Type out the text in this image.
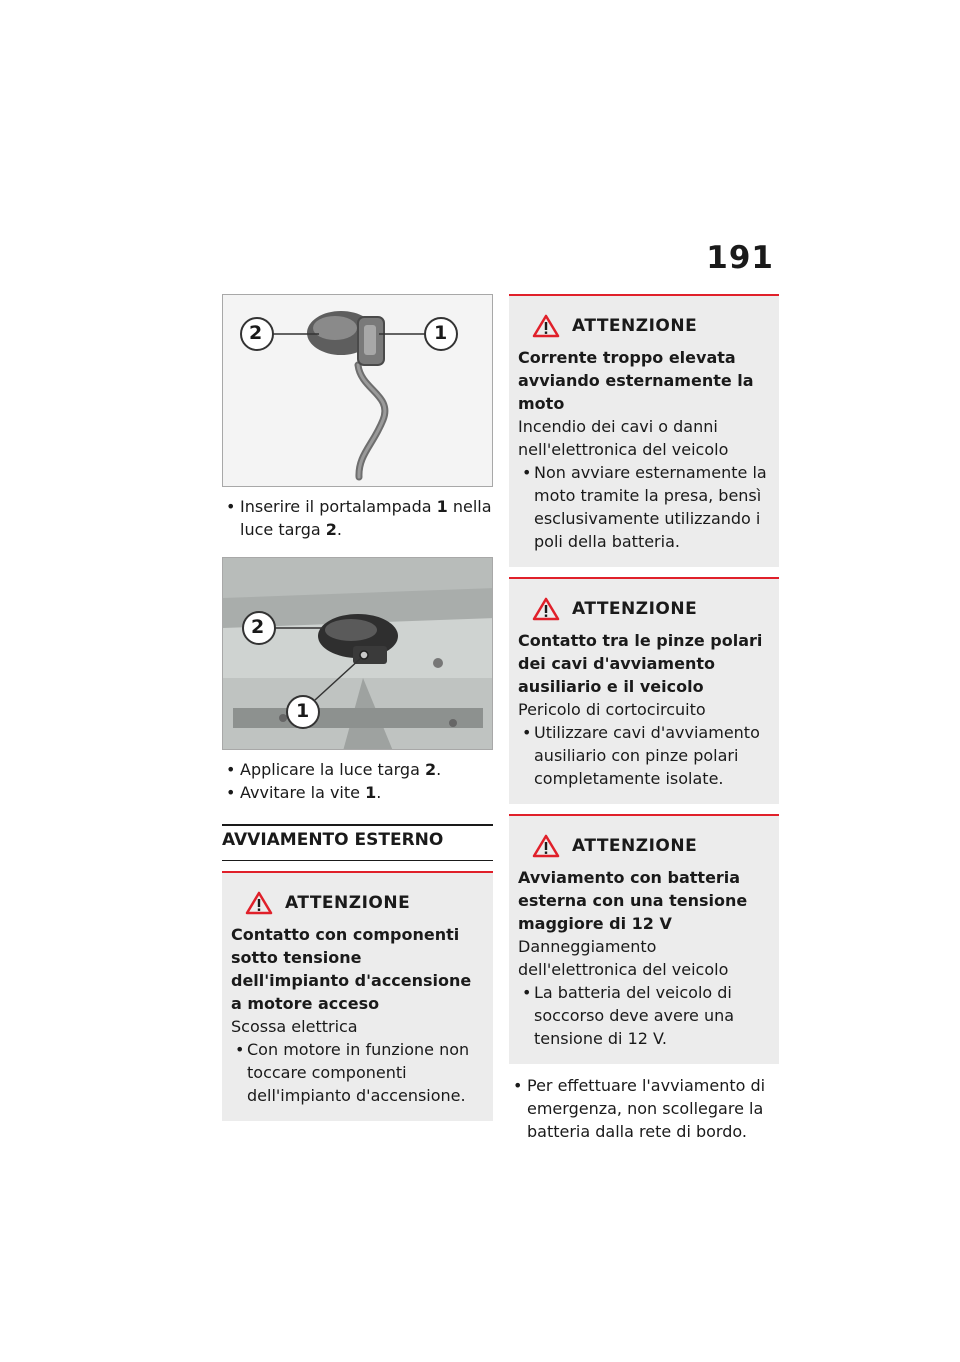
191
2	1
• Inserire il portalampada 1 nella luce targa 2.
2
1
• Applicare la luce targa 2.
• Avvitare la vite 1.
AVVIAMENTO ESTERNO
ATTENZIONE
Contatto con componenti sotto tensione dell'impianto d'accensione a motore acceso
Scossa elettrica
• Con motore in funzione non toccare componenti dell'impianto d'accensione.
ATTENZIONE
Corrente troppo elevata avviando esternamente la moto
Incendio dei cavi o danni nell'elettronica del veicolo
• Non avviare esternamente la moto tramite la presa, bensì esclusivamente utilizzando i poli della batteria.
ATTENZIONE
Contatto tra le pinze polari dei cavi d'avviamento ausiliario e il veicolo
Pericolo di cortocircuito
• Utilizzare cavi d'avviamento ausiliario con pinze polari completamente isolate.
ATTENZIONE
Avviamento con batteria esterna con una tensione maggiore di 12 V
Danneggiamento dell'elettronica del veicolo
• La batteria del veicolo di soccorso deve avere una tensione di 12 V.
• Per effettuare l'avviamento di emergenza, non scollegare la batteria dalla rete di bordo.
